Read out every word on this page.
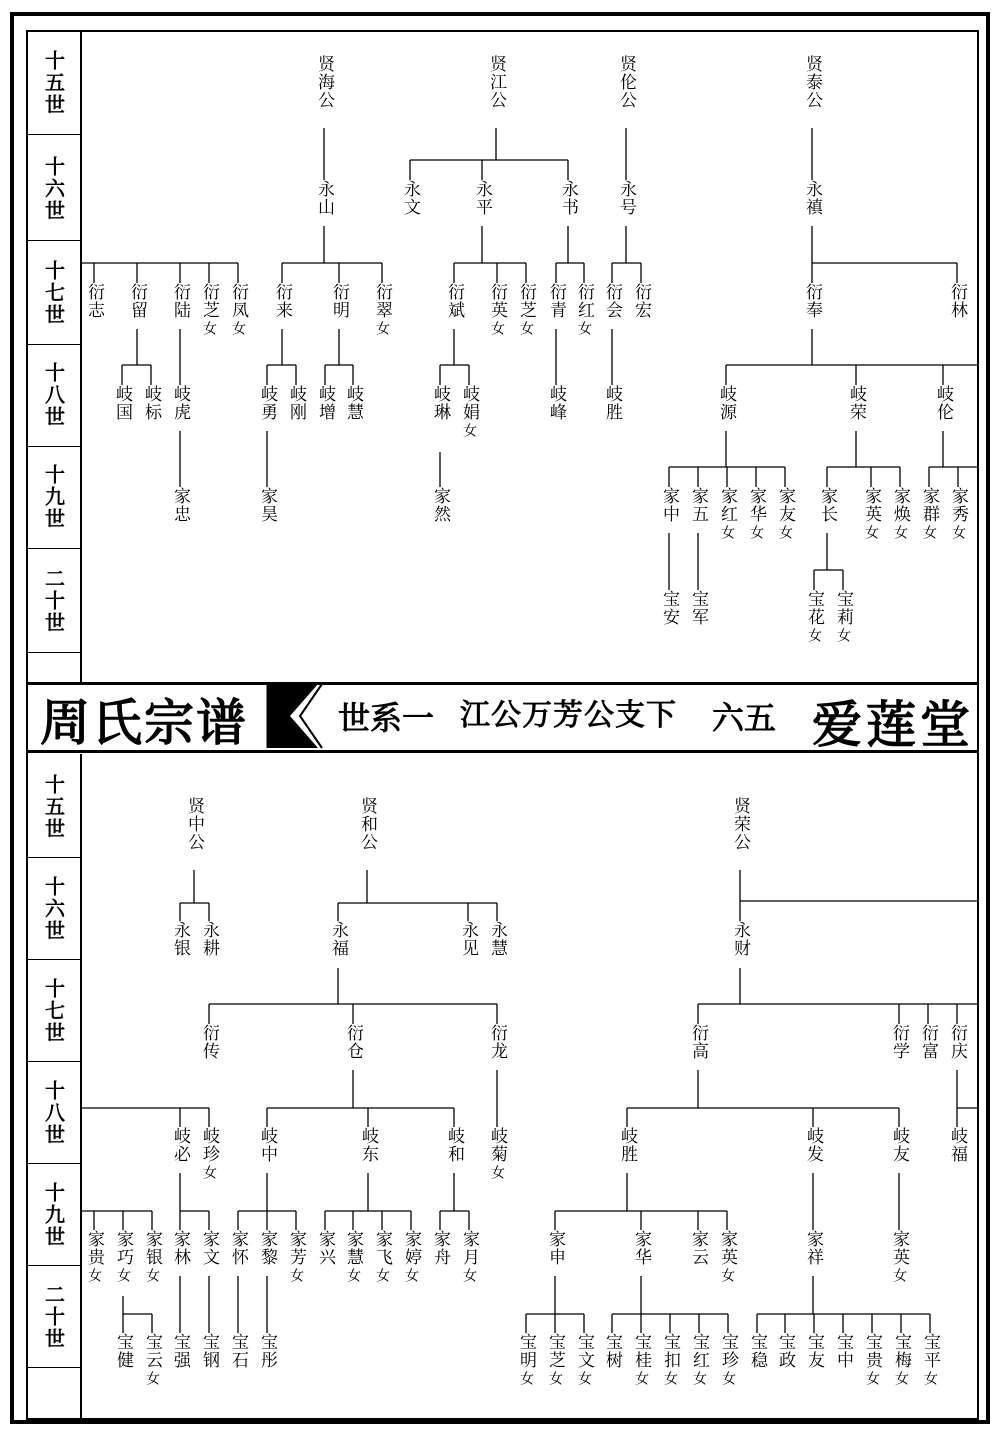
十五世
十六世
十七世
十八世
十九世
二十世
十五世
十六世
十七世
十八世
十九世
二十世
周氏宗谱	世系一 江公万芳公支下 六五 爱莲堂
贤海公	贤江公	贤伦公	贤泰公
永山	永文	永平	永书 永号	永禛
衍志 衍留 衍陆 衍芝女
衍凤女
衍来 衍明 衍翠女
衍斌 衍英女
衍芝女
衍青 衍红女
衍会 衍宏	衍奉	衍林
岐国 岐标 岐虎	岐勇 岐刚 岐增 岐慧	岐琳 岐娟女
岐峰 岐胜	岐源	岐荣	岐伦
家忠	家昊	家然	家中 家五 家红女
家华女
家友女
家长 家英女
家焕女
家群女
家秀女
宝安 宝军	宝花女
宝莉女
贤中公	贤和公	贤荣公
永银 永耕	永福	永见 永慧	永财
衍传	衍仓	衍龙	衍高	衍学 衍富 衍庆
岐必 岐珍女
岐中	岐东	岐和 岐菊女
岐胜	岐发	岐友 岐福
家贵女
家巧女
家银女
家林 家文 家怀 家黎 家芳女
家兴 家慧女
家飞女
家婷女
家舟 家月女
家申	家华 家云 家英女
家祥	家英女
宝健 宝云女
宝强 宝钢 宝石 宝彤	宝明女
宝芝女
宝文女
宝树 宝桂女
宝扣女
宝红女
宝珍女
宝稳 宝政 宝友 宝中 宝贵女
宝梅女
宝平女
